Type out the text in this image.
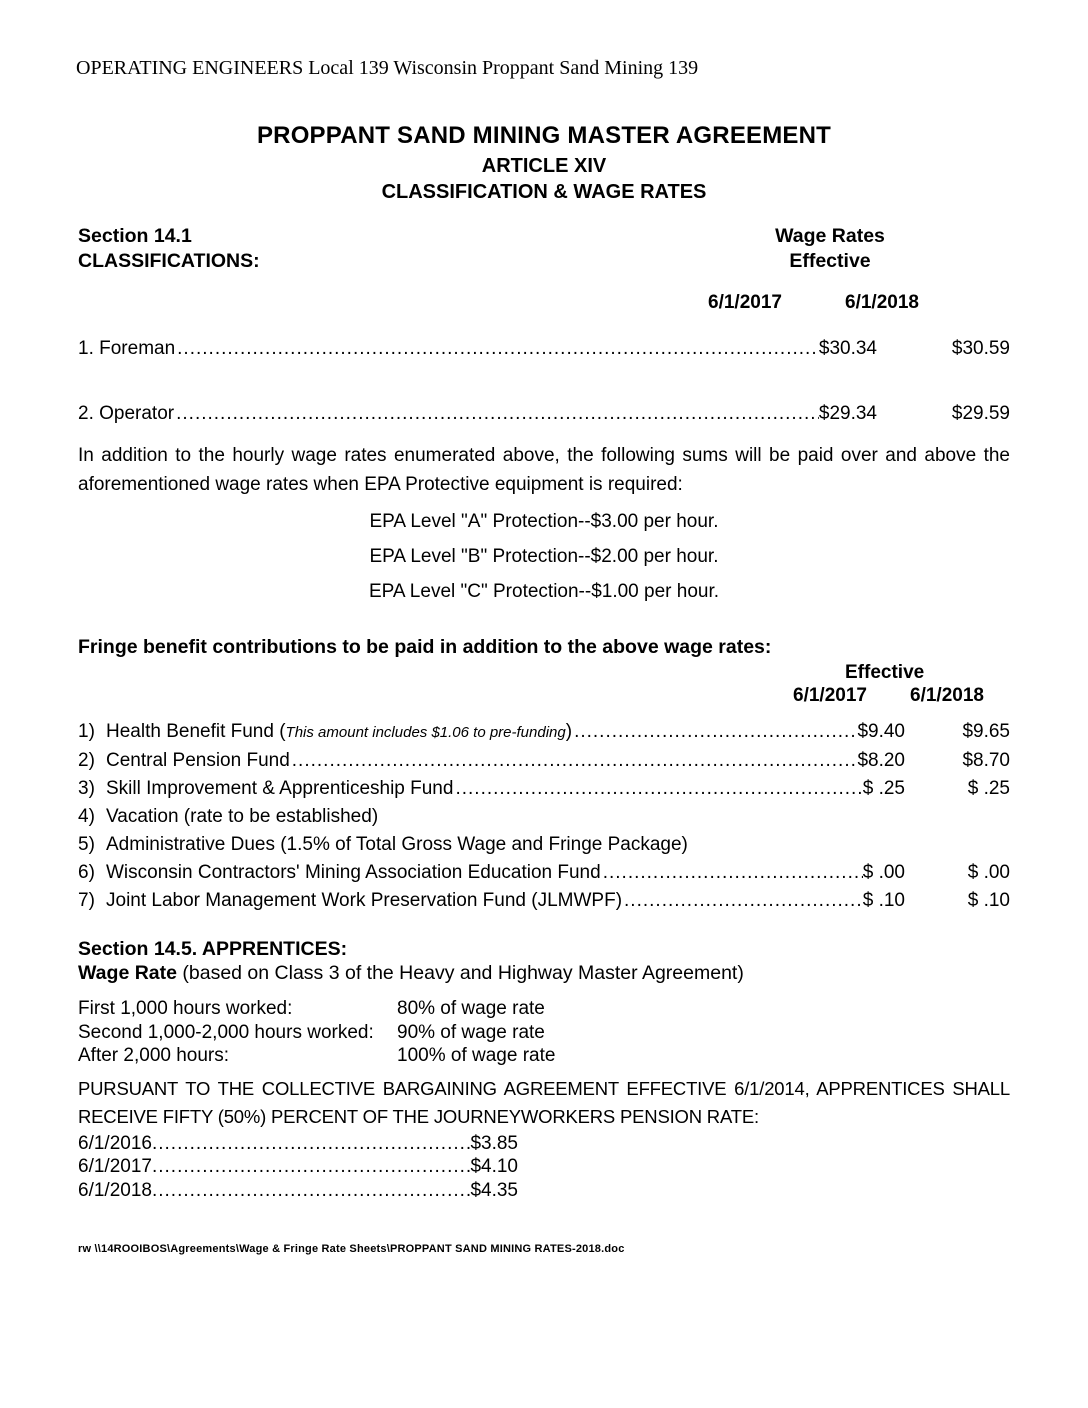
OPERATING ENGINEERS Local 139 Wisconsin Proppant Sand Mining 139
PROPPANT SAND MINING MASTER AGREEMENT
ARTICLE XIV
CLASSIFICATION & WAGE RATES
Section 14.1
CLASSIFICATIONS:
Wage Rates
Effective
6/1/2017	6/1/2018
1. Foreman .....	$30.34	$30.59
2. Operator .....	$29.34	$29.59
In addition to the hourly wage rates enumerated above, the following sums will be paid over and above the aforementioned wage rates when EPA Protective equipment is required:
EPA Level "A" Protection--$3.00 per hour.
EPA Level "B" Protection--$2.00 per hour.
EPA Level "C" Protection--$1.00 per hour.
Fringe benefit contributions to be paid in addition to the above wage rates:
Effective
6/1/2017 6/1/2018
1) Health Benefit Fund (This amount includes $1.06 to pre-funding) .....	$9.40	$9.65
2) Central Pension Fund .....	$8.20	$8.70
3) Skill Improvement & Apprenticeship Fund .....	$ .25	$ .25
4) Vacation (rate to be established)
5) Administrative Dues (1.5% of Total Gross Wage and Fringe Package)
6) Wisconsin Contractors' Mining Association Education Fund .....	$ .00	$ .00
7) Joint Labor Management Work Preservation Fund (JLMWPF) .....	$ .10	$ .10
Section 14.5. APPRENTICES:
Wage Rate (based on Class 3 of the Heavy and Highway Master Agreement)
First 1,000 hours worked:	80% of wage rate
Second 1,000-2,000 hours worked:	90% of wage rate
After 2,000 hours:	100% of wage rate
PURSUANT TO THE COLLECTIVE BARGAINING AGREEMENT EFFECTIVE 6/1/2014, APPRENTICES SHALL RECEIVE FIFTY (50%) PERCENT OF THE JOURNEYWORKERS PENSION RATE:
6/1/2016 .....	$3.85
6/1/2017 .....	$4.10
6/1/2018 .....	$4.35
rw \\14ROOIBOS\Agreements\Wage & Fringe Rate Sheets\PROPPANT SAND MINING RATES-2018.doc
